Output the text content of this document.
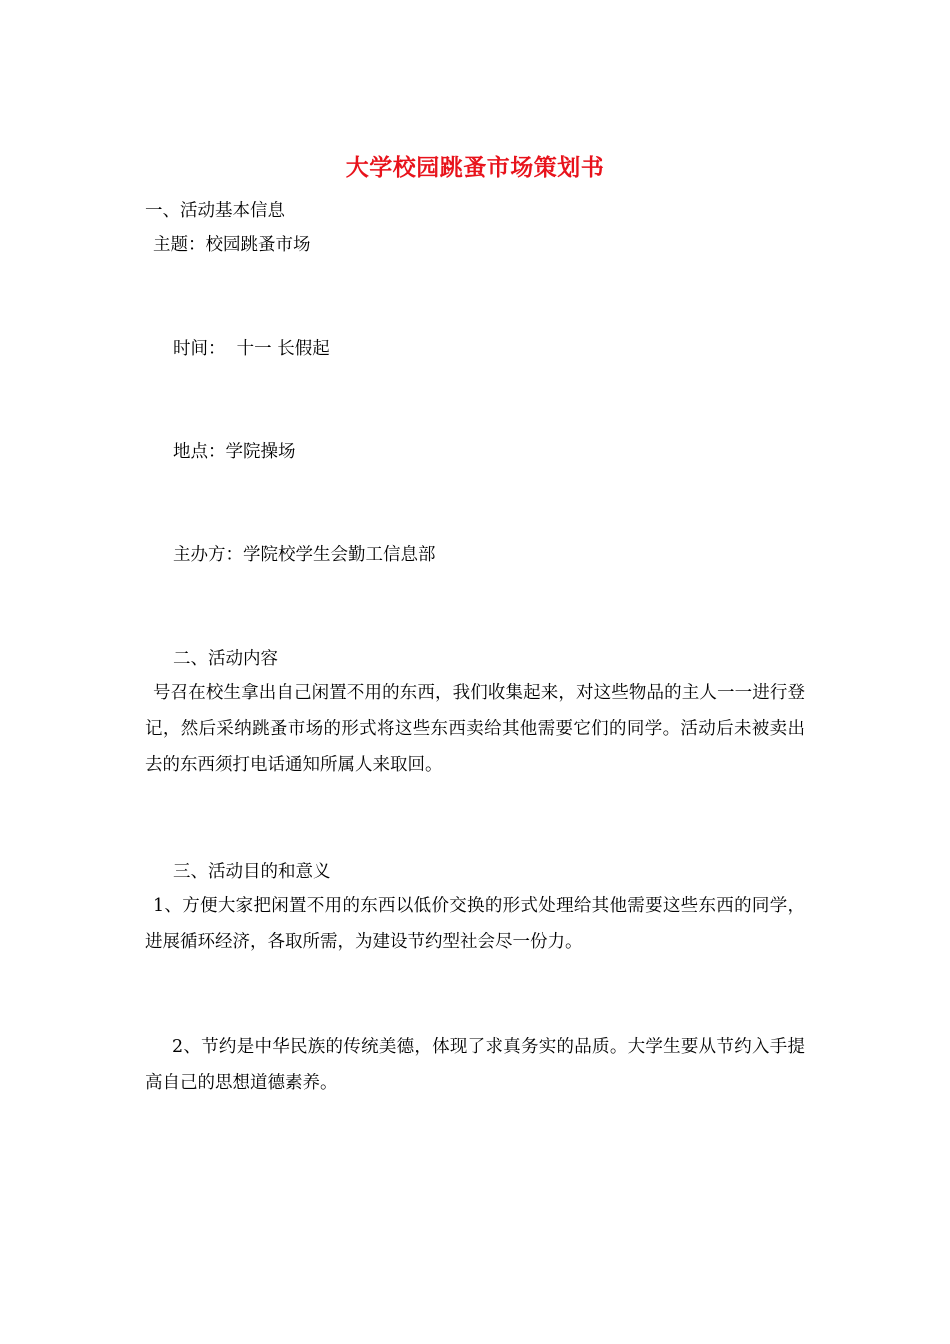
大学校园跳蚤市场策划书
一、活动基本信息
主题：校园跳蚤市场
时间：  十一 长假起
地点：学院操场
主办方：学院校学生会勤工信息部
二、活动内容
号召在校生拿出自己闲置不用的东西，我们收集起来，对这些物品的主人一一进行登记，然后采纳跳蚤市场的形式将这些东西卖给其他需要它们的同学。活动后未被卖出去的东西须打电话通知所属人来取回。
三、活动目的和意义
1、方便大家把闲置不用的东西以低价交换的形式处理给其他需要这些东西的同学，进展循环经济，各取所需，为建设节约型社会尽一份力。
2、节约是中华民族的传统美德，体现了求真务实的品质。大学生要从节约入手提高自己的思想道德素养。
